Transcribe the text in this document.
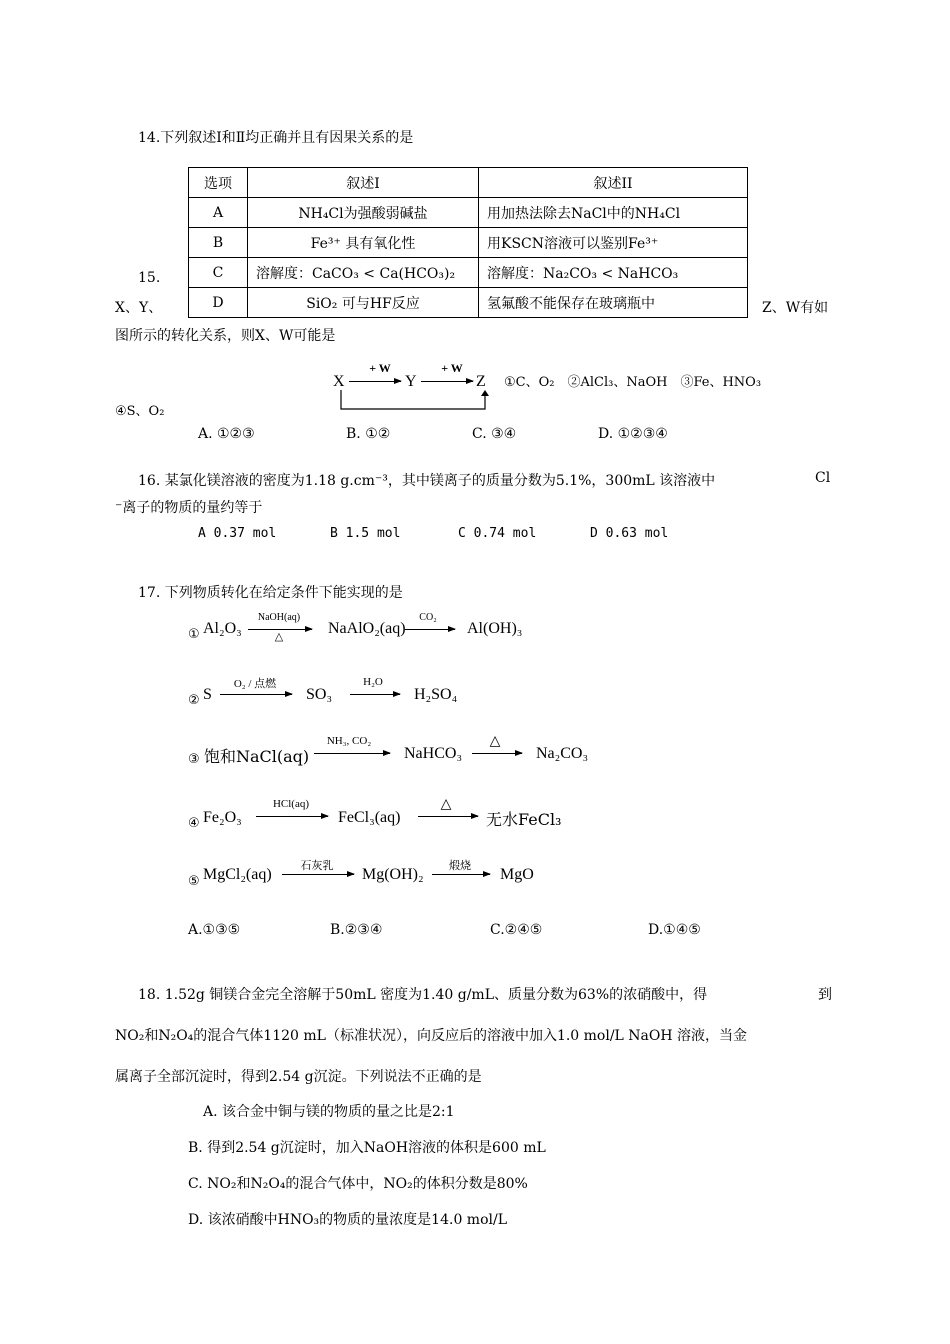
14.下列叙述Ⅰ和Ⅱ均正确并且有因果关系的是
选项	叙述I	叙述II
A	NH₄Cl为强酸弱碱盐	用加热法除去NaCl中的NH₄Cl
B	Fe³⁺ 具有氧化性	用KSCN溶液可以鉴别Fe³⁺
C	溶解度：CaCO₃ < Ca(HCO₃)₂	溶解度：Na₂CO₃ < NaHCO₃
D	SiO₂ 可与HF反应	氢氟酸不能保存在玻璃瓶中
15.
X、Y、	Z、W有如
图所示的转化关系，则X、W可能是
X
+ W
Y
+ W
Z ①C、O₂　②AlCl₃、NaOH　③Fe、HNO₃
④S、O₂
A. ①②③	B. ①②	C. ③④	D. ①②③④
16. 某氯化镁溶液的密度为1.18 g.cm⁻³，其中镁离子的质量分数为5.1%，300mL 该溶液中	Cl
⁻离子的物质的量约等于
A 0.37 mol	B 1.5 mol	C 0.74 mol	D 0.63 mol
17. 下列物质转化在给定条件下能实现的是
① Al₂O₃
NaOH(aq)
△	NaAlO₂(aq)
CO₂
→ Al(OH)₃
② S
O₂ / 点燃
SO₃
H₂O
→ H₂SO₄
③ 饱和NaCl(aq)
NH₃, CO₂
NaHCO₃
△
→ Na₂CO₃
④ Fe₂O₃
HCl(aq)
FeCl₃(aq)
△
无水FeCl₃
⑤ MgCl₂(aq)	石灰乳	Mg(OH)₂	煅烧	MgO
A.①③⑤	B.②③④	C.②④⑤	D.①④⑤
18. 1.52g 铜镁合金完全溶解于50mL 密度为1.40 g/mL、质量分数为63%的浓硝酸中，得	到
NO₂和N₂O₄的混合气体1120 mL（标准状况），向反应后的溶液中加入1.0 mol/L NaOH 溶液，当金
属离子全部沉淀时，得到2.54 g沉淀。下列说法不正确的是
A. 该合金中铜与镁的物质的量之比是2:1
B. 得到2.54 g沉淀时，加入NaOH溶液的体积是600 mL
C. NO₂和N₂O₄的混合气体中，NO₂的体积分数是80%
D. 该浓硝酸中HNO₃的物质的量浓度是14.0 mol/L
